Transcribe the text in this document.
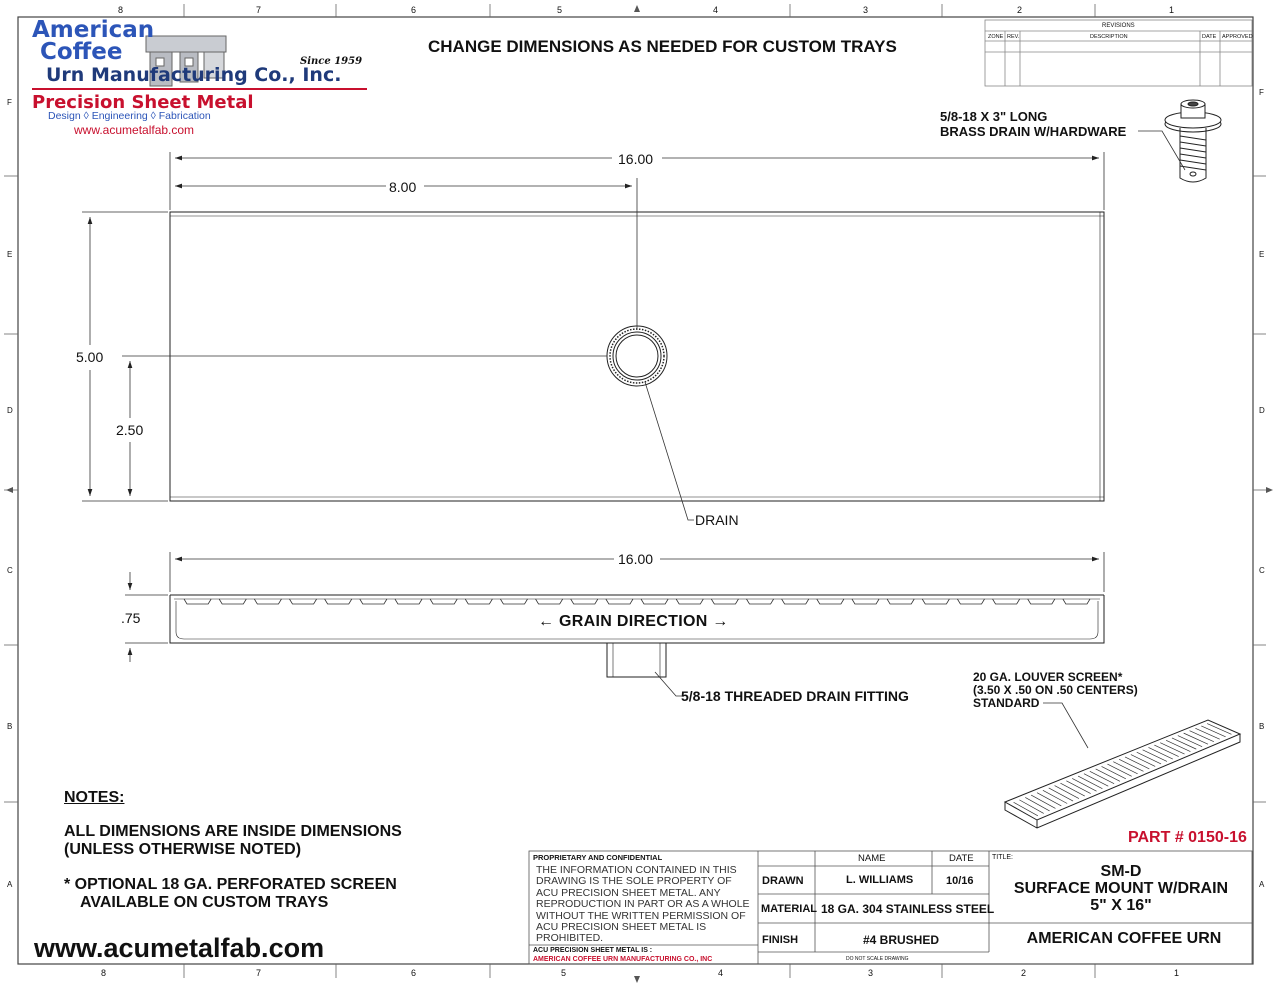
8	7	6	5	4	3	2	1
8	7	6	5	4	3	2	1
F
E
D
C
B
A
F
E
D
C
B
A
American
Coffee
Urn Manufacturing Co., Inc.
Since 1959
Precision Sheet Metal
Design ◊ Engineering ◊ Fabrication
www.acumetalfab.com
CHANGE DIMENSIONS AS NEEDED FOR CUSTOM TRAYS
REVISIONS
ZONE REV.	DESCRIPTION	DATE APPROVED
5/8-18 X 3" LONG
BRASS DRAIN W/HARDWARE
16.00
8.00
5.00
2.50
16.00
.75
DRAIN
← GRAIN DIRECTION →
5/8-18 THREADED DRAIN FITTING
20 GA. LOUVER SCREEN*
(3.50 X .50 ON .50 CENTERS)
STANDARD
NOTES:
ALL DIMENSIONS ARE INSIDE DIMENSIONS
(UNLESS OTHERWISE NOTED)
* OPTIONAL 18 GA. PERFORATED SCREEN
AVAILABLE ON CUSTOM TRAYS
www.acumetalfab.com
PART # 0150-16
PROPRIETARY AND CONFIDENTIAL
THE INFORMATION CONTAINED IN THIS
DRAWING IS THE SOLE PROPERTY OF
ACU PRECISION SHEET METAL. ANY
REPRODUCTION IN PART OR AS A WHOLE
WITHOUT THE WRITTEN PERMISSION OF
ACU PRECISION SHEET METAL IS
PROHIBITED.
ACU PRECISION SHEET METAL IS :
AMERICAN COFFEE URN MANUFACTURING CO., INC
NAME	DATE	TITLE:
DRAWN	L. WILLIAMS	10/16
MATERIAL 18 GA. 304 STAINLESS STEEL
FINISH	#4 BRUSHED
DO NOT SCALE DRAWING
SM-D
SURFACE MOUNT W/DRAIN
5" X 16"
AMERICAN COFFEE URN
